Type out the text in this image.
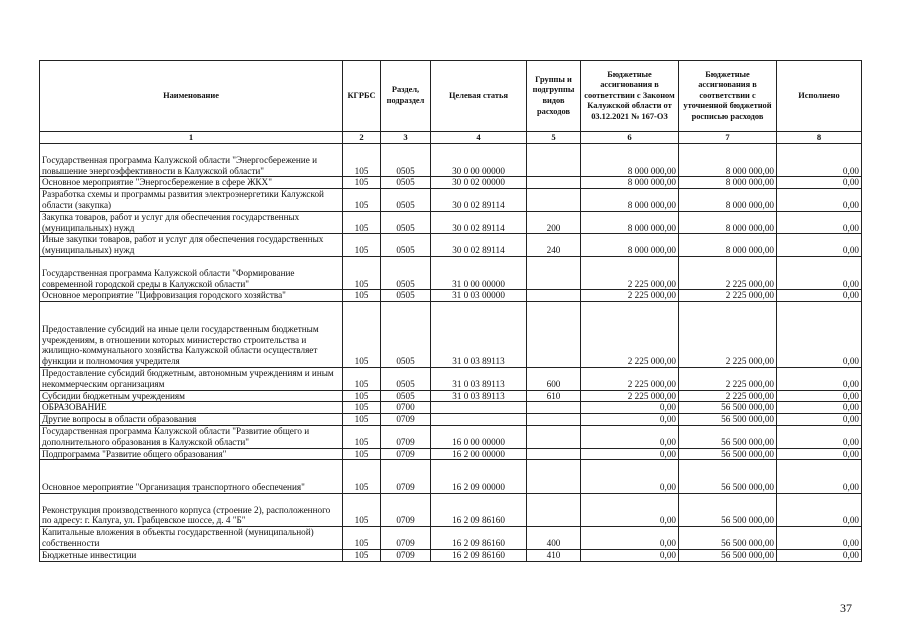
Наименование	КГРБС	Раздел, подраздел	Целевая статья	Группы и подгруппы видов расходов	Бюджетные ассигнования в соответствии с Законом Калужской области от 03.12.2021 № 167-ОЗ	Бюджетные ассигнования в соответствии с уточненной бюджетной росписью расходов	Исполнено
1	2	3	4	5	6	7	8
Государственная программа Калужской области "Энергосбережение и повышение энергоэффективности в Калужской области"	105	0505	30 0 00 00000		8 000 000,00	8 000 000,00	0,00
Основное мероприятие "Энергосбережение в сфере ЖКХ"	105	0505	30 0 02 00000		8 000 000,00	8 000 000,00	0,00
Разработка схемы и программы развития электроэнергетики Калужской области (закупка)	105	0505	30 0 02 89114		8 000 000,00	8 000 000,00	0,00
Закупка товаров, работ и услуг для обеспечения государственных (муниципальных) нужд	105	0505	30 0 02 89114	200	8 000 000,00	8 000 000,00	0,00
Иные закупки товаров, работ и услуг для обеспечения государственных (муниципальных) нужд	105	0505	30 0 02 89114	240	8 000 000,00	8 000 000,00	0,00
Государственная программа Калужской области "Формирование современной городской среды в Калужской области"	105	0505	31 0 00 00000		2 225 000,00	2 225 000,00	0,00
Основное мероприятие "Цифровизация городского хозяйства"	105	0505	31 0 03 00000		2 225 000,00	2 225 000,00	0,00
Предоставление субсидий на иные цели государственным бюджетным учреждениям, в отношении которых министерство строительства и жилищно-коммунального хозяйства Калужской области осуществляет функции и полномочия учредителя	105	0505	31 0 03 89113		2 225 000,00	2 225 000,00	0,00
Предоставление субсидий бюджетным, автономным учреждениям и иным некоммерческим организациям	105	0505	31 0 03 89113	600	2 225 000,00	2 225 000,00	0,00
Субсидии бюджетным учреждениям	105	0505	31 0 03 89113	610	2 225 000,00	2 225 000,00	0,00
ОБРАЗОВАНИЕ	105	0700			0,00	56 500 000,00	0,00
Другие вопросы в области образования	105	0709			0,00	56 500 000,00	0,00
Государственная программа Калужской области "Развитие общего и дополнительного образования в Калужской области"	105	0709	16 0 00 00000		0,00	56 500 000,00	0,00
Подпрограмма "Развитие общего образования"	105	0709	16 2 00 00000		0,00	56 500 000,00	0,00
Основное мероприятие "Организация транспортного обеспечения"	105	0709	16 2 09 00000		0,00	56 500 000,00	0,00
Реконструкция производственного корпуса (строение 2), расположенного по адресу: г. Калуга, ул. Грабцевское шоссе, д. 4 "Б"	105	0709	16 2 09 86160		0,00	56 500 000,00	0,00
Капитальные вложения в объекты государственной (муниципальной) собственности	105	0709	16 2 09 86160	400	0,00	56 500 000,00	0,00
Бюджетные инвестиции	105	0709	16 2 09 86160	410	0,00	56 500 000,00	0,00
37
